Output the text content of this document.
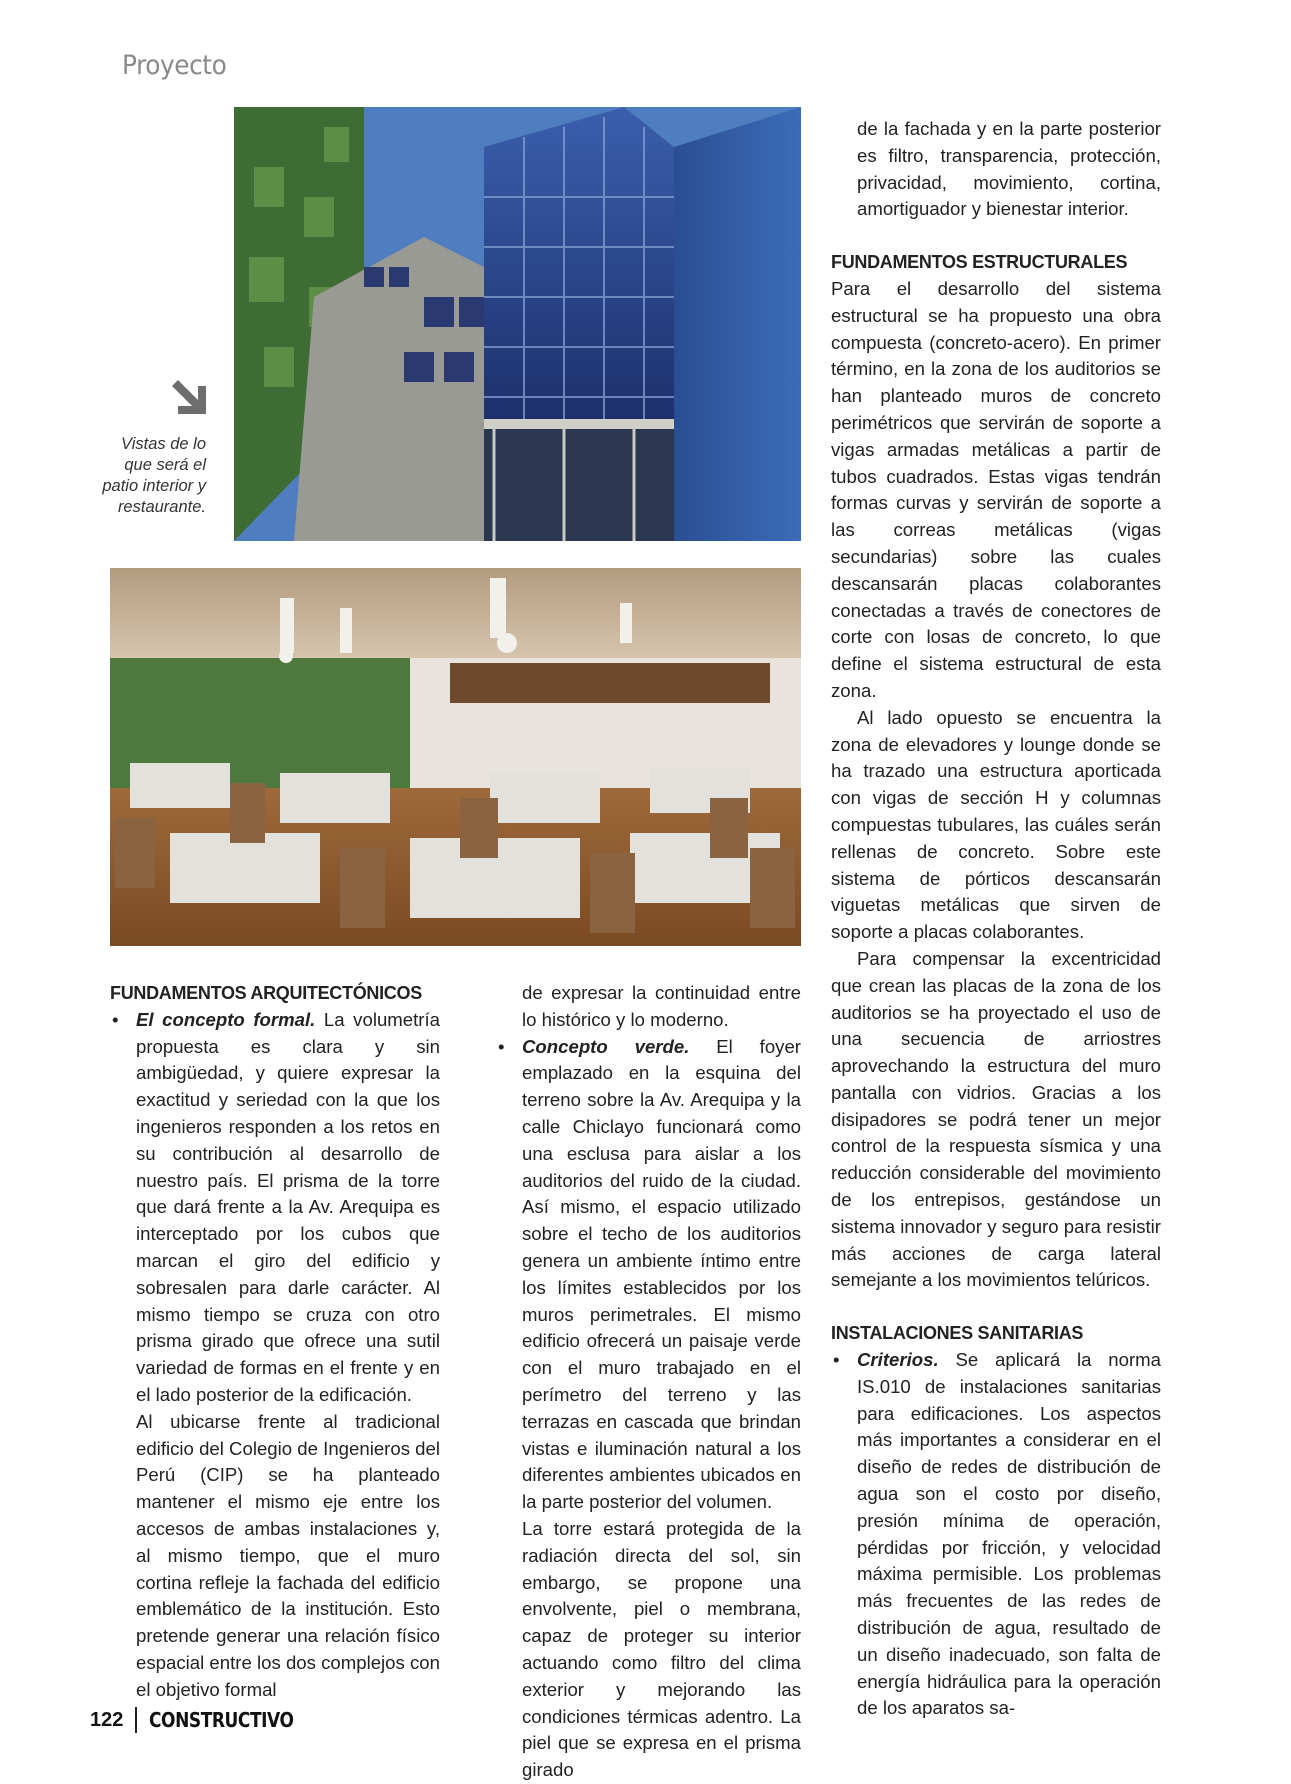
Proyecto
Vistas de lo que será el patio interior y restaurante.

FUNDAMENTOS ARQUITECTÓNICOS

• El concepto formal. La volumetría propuesta es clara y sin ambigüedad, y quiere expresar la exactitud y seriedad con la que los ingenieros responden a los retos en su contribución al desarrollo de nuestro país. El prisma de la torre que dará frente a la Av. Arequipa es interceptado por los cubos que marcan el giro del edificio y sobresalen para darle carácter. Al mismo tiempo se cruza con otro prisma girado que ofrece una sutil variedad de formas en el frente y en el lado posterior de la edificación.

Al ubicarse frente al tradicional edificio del Colegio de Ingenieros del Perú (CIP) se ha planteado mantener el mismo eje entre los accesos de ambas instalaciones y, al mismo tiempo, que el muro cortina refleje la fachada del edificio emblemático de la institución. Esto pretende generar una relación físico espacial entre los dos complejos con el objetivo formal

de expresar la continuidad entre lo histórico y lo moderno.

• Concepto verde. El foyer emplazado en la esquina del terreno sobre la Av. Arequipa y la calle Chiclayo funcionará como una esclusa para aislar a los auditorios del ruido de la ciudad. Así mismo, el espacio utilizado sobre el techo de los auditorios genera un ambiente íntimo entre los límites establecidos por los muros perimetrales. El mismo edificio ofrecerá un paisaje verde con el muro trabajado en el perímetro del terreno y las terrazas en cascada que brindan vistas e iluminación natural a los diferentes ambientes ubicados en la parte posterior del volumen.

La torre estará protegida de la radiación directa del sol, sin embargo, se propone una envolvente, piel o membrana, capaz de proteger su interior actuando como filtro del clima exterior y mejorando las condiciones térmicas adentro. La piel que se expresa en el prisma girado

de la fachada y en la parte posterior es filtro, transparencia, protección, privacidad, movimiento, cortina, amortiguador y bienestar interior.

FUNDAMENTOS ESTRUCTURALES

Para el desarrollo del sistema estructural se ha propuesto una obra compuesta (concreto-acero). En primer término, en la zona de los auditorios se han planteado muros de concreto perimétricos que servirán de soporte a vigas armadas metálicas a partir de tubos cuadrados. Estas vigas tendrán formas curvas y servirán de soporte a las correas metálicas (vigas secundarias) sobre las cuales descansarán placas colaborantes conectadas a través de conectores de corte con losas de concreto, lo que define el sistema estructural de esta zona.

Al lado opuesto se encuentra la zona de elevadores y lounge donde se ha trazado una estructura aporticada con vigas de sección H y columnas compuestas tubulares, las cuáles serán rellenas de concreto. Sobre este sistema de pórticos descansarán viguetas metálicas que sirven de soporte a placas colaborantes.

Para compensar la excentricidad que crean las placas de la zona de los auditorios se ha proyectado el uso de una secuencia de arriostres aprovechando la estructura del muro pantalla con vidrios. Gracias a los disipadores se podrá tener un mejor control de la respuesta sísmica y una reducción considerable del movimiento de los entrepisos, gestándose un sistema innovador y seguro para resistir más acciones de carga lateral semejante a los movimientos telúricos.

INSTALACIONES SANITARIAS

• Criterios. Se aplicará la norma IS.010 de instalaciones sanitarias para edificaciones. Los aspectos más importantes a considerar en el diseño de redes de distribución de agua son el costo por diseño, presión mínima de operación, pérdidas por fricción, y velocidad máxima permisible. Los problemas más frecuentes de las redes de distribución de agua, resultado de un diseño inadecuado, son falta de energía hidráulica para la operación de los aparatos sa-

122 CONSTRUCTIVO
